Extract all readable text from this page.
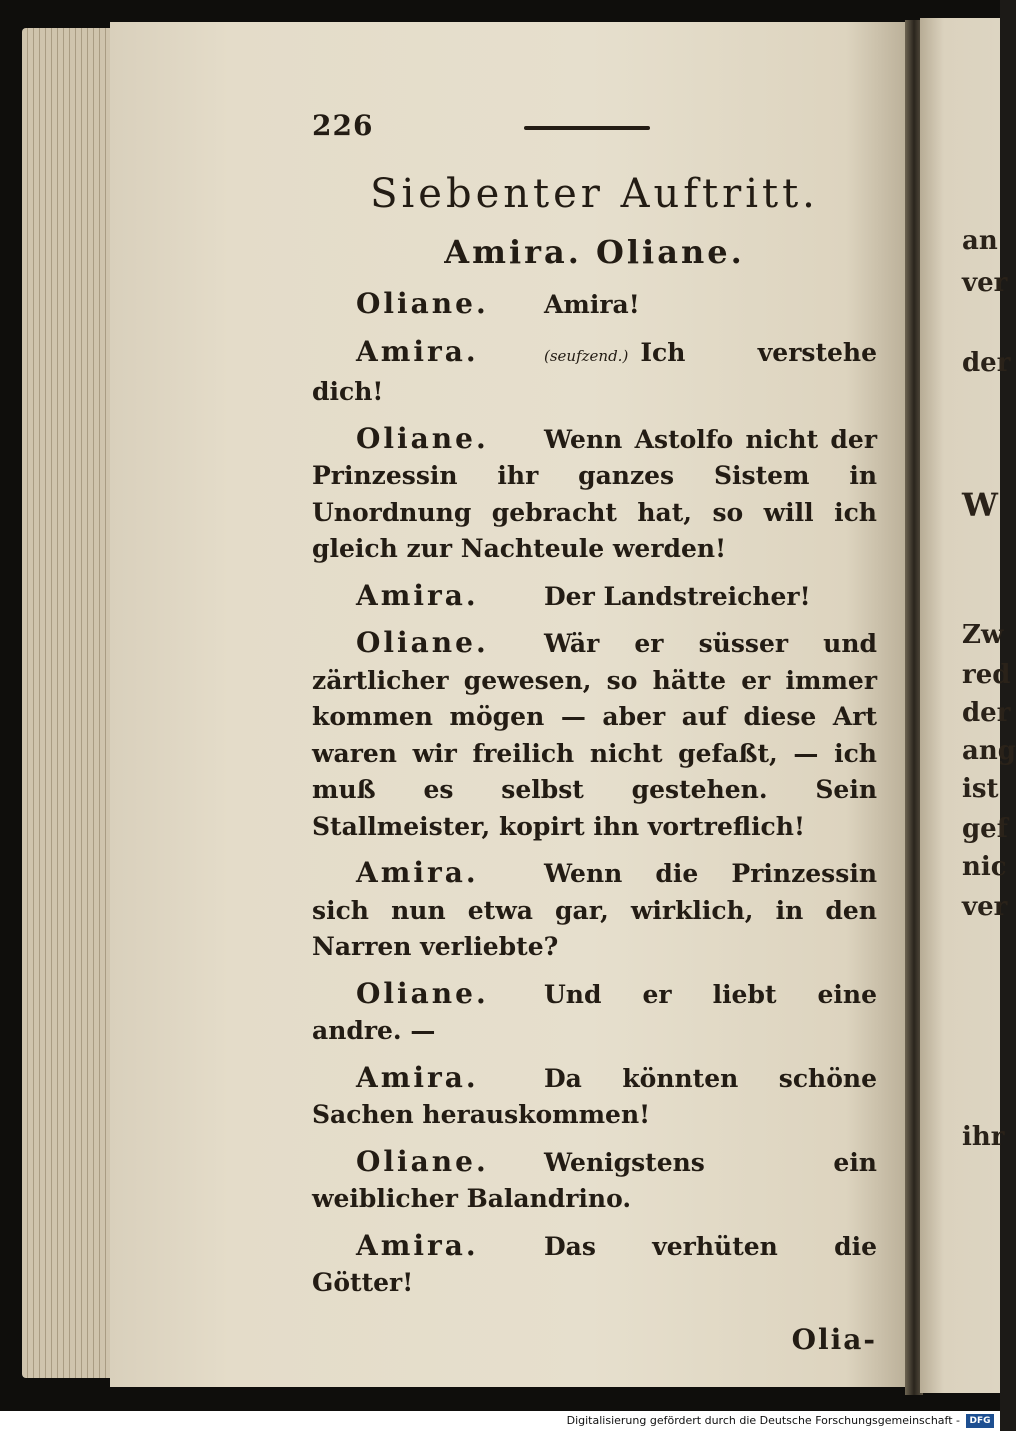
an
ver
der
W
Zw
red
der
ang
ist
gef
nic
ver
ihr
226
Siebenter Auftritt.
Amira. Oliane.
Oliane. Amira!
Amira.	(seufzend.) Ich verstehe dich!
Oliane. Wenn Astolfo nicht der Prinzessin ihr ganzes Sistem in Unordnung gebracht hat, so will ich gleich zur Nachteule werden!
Amira.	Der Landstreicher!
Oliane. Wär er süsser und zärtlicher gewesen, so hätte er immer kommen mögen — aber auf diese Art waren wir freilich nicht gefaßt, — ich muß es selbst gestehen. Sein Stallmeister, kopirt ihn vortreflich!
Amira.	Wenn die Prinzessin sich nun etwa gar, wirklich, in den Narren verliebte?
Oliane. Und er liebt eine andre. —
Amira.	Da könnten schöne Sachen herauskommen!
Oliane. Wenigstens ein weiblicher Balandrino.
Amira.	Das verhüten die Götter!
Olia-
Digitalisierung gefördert durch die Deutsche Forschungsgemeinschaft -	DFG
